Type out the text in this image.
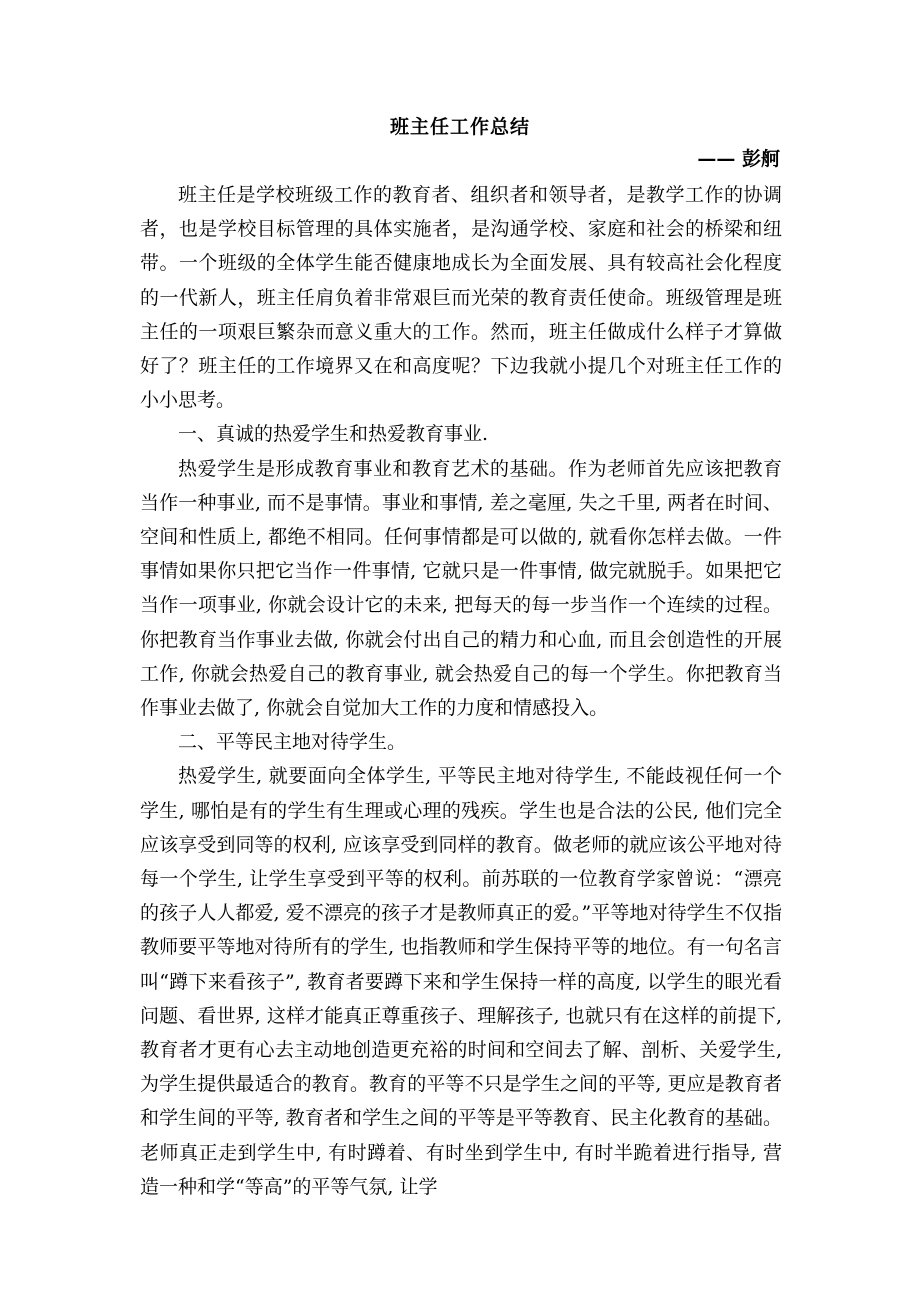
班主任工作总结
—— 彭舸

班主任是学校班级工作的教育者、组织者和领导者，是教学工作的协调者，也是学校目标管理的具体实施者，是沟通学校、家庭和社会的桥梁和纽带。一个班级的全体学生能否健康地成长为全面发展、具有较高社会化程度的一代新人，班主任肩负着非常艰巨而光荣的教育责任使命。班级管理是班主任的一项艰巨繁杂而意义重大的工作。然而，班主任做成什么样子才算做好了？班主任的工作境界又在和高度呢？下边我就小提几个对班主任工作的小小思考。

一、真诚的热爱学生和热爱教育事业.

热爱学生是形成教育事业和教育艺术的基础。作为老师首先应该把教育当作一种事业, 而不是事情。事业和事情, 差之毫厘, 失之千里, 两者在时间、空间和性质上, 都绝不相同。任何事情都是可以做的, 就看你怎样去做。一件事情如果你只把它当作一件事情, 它就只是一件事情, 做完就脱手。如果把它当作一项事业, 你就会设计它的未来, 把每天的每一步当作一个连续的过程。 你把教育当作事业去做, 你就会付出自己的精力和心血, 而且会创造性的开展工作, 你就会热爱自己的教育事业, 就会热爱自己的每一个学生。你把教育当作事业去做了, 你就会自觉加大工作的力度和情感投入。

二、平等民主地对待学生。

热爱学生, 就要面向全体学生, 平等民主地对待学生, 不能歧视任何一个学生, 哪怕是有的学生有生理或心理的残疾。学生也是合法的公民, 他们完全应该享受到同等的权利, 应该享受到同样的教育。做老师的就应该公平地对待每一个学生, 让学生享受到平等的权利。前苏联的一位教育学家曾说：“漂亮的孩子人人都爱, 爱不漂亮的孩子才是教师真正的爱。”平等地对待学生不仅指教师要平等地对待所有的学生, 也指教师和学生保持平等的地位。有一句名言叫“蹲下来看孩子”, 教育者要蹲下来和学生保持一样的高度, 以学生的眼光看问题、看世界, 这样才能真正尊重孩子、理解孩子, 也就只有在这样的前提下, 教育者才更有心去主动地创造更充裕的时间和空间去了解、剖析、关爱学生, 为学生提供最适合的教育。教育的平等不只是学生之间的平等, 更应是教育者和学生间的平等, 教育者和学生之间的平等是平等教育、民主化教育的基础。老师真正走到学生中, 有时蹲着、有时坐到学生中, 有时半跪着进行指导, 营造一种和学“等高”的平等气氛, 让学
